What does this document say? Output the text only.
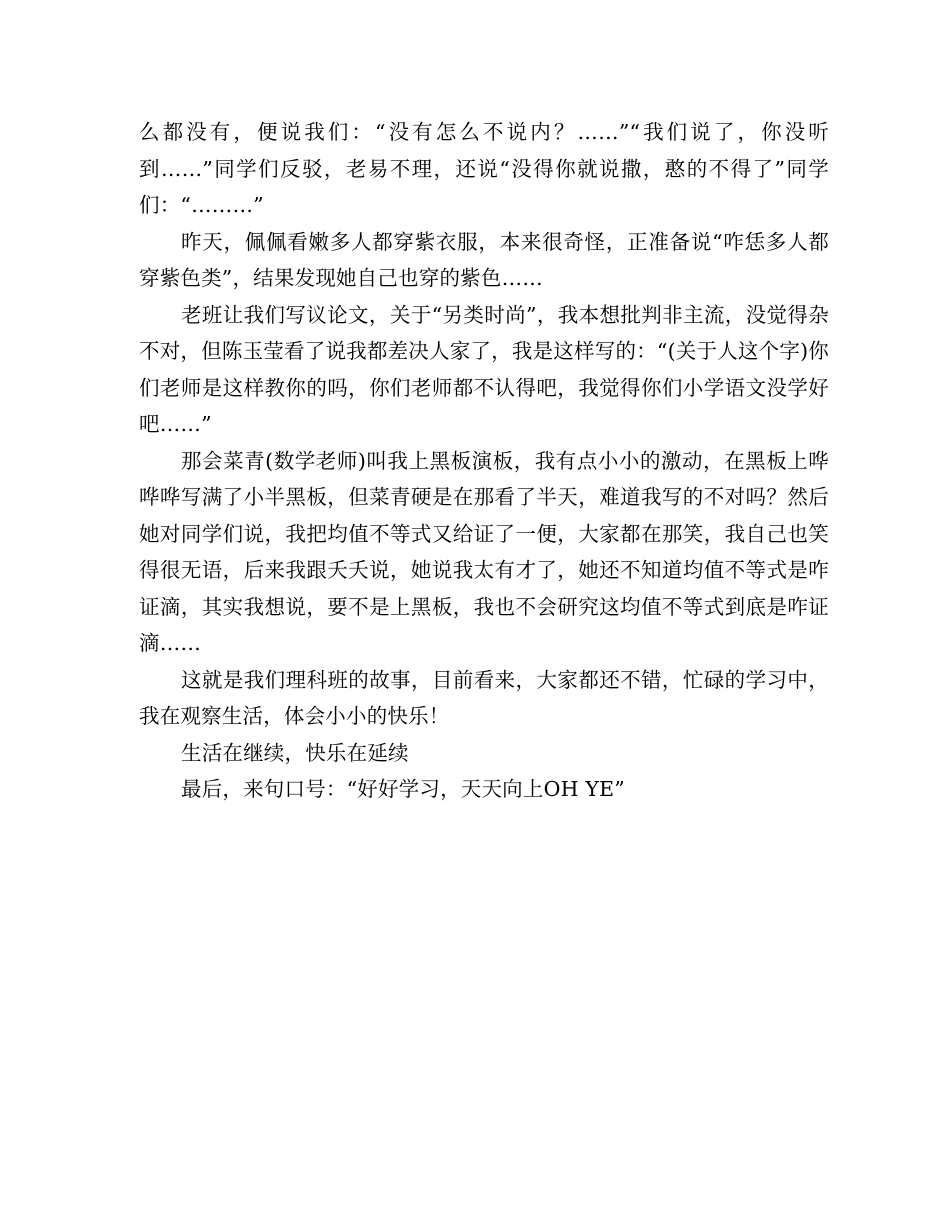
么都没有，便说我们：“没有怎么不说内？……”“我们说了，你没听到……”同学们反驳，老易不理，还说“没得你就说撒，憨的不得了”同学们：“………”

昨天，佩佩看嫩多人都穿紫衣服，本来很奇怪，正准备说“咋恁多人都穿紫色类”，结果发现她自己也穿的紫色……

老班让我们写议论文，关于“另类时尚”，我本想批判非主流，没觉得杂不对，但陈玉莹看了说我都差决人家了，我是这样写的：“(关于人这个字)你们老师是这样教你的吗，你们老师都不认得吧，我觉得你们小学语文没学好吧……”

那会菜青(数学老师)叫我上黑板演板，我有点小小的激动，在黑板上哗哗哗写满了小半黑板，但菜青硬是在那看了半天，难道我写的不对吗？然后她对同学们说，我把均值不等式又给证了一便，大家都在那笑，我自己也笑得很无语，后来我跟夭夭说，她说我太有才了，她还不知道均值不等式是咋证滴，其实我想说，要不是上黑板，我也不会研究这均值不等式到底是咋证滴……

这就是我们理科班的故事，目前看来，大家都还不错，忙碌的学习中，我在观察生活，体会小小的快乐！

生活在继续，快乐在延续

最后，来句口号：“好好学习，天天向上OH YE”
